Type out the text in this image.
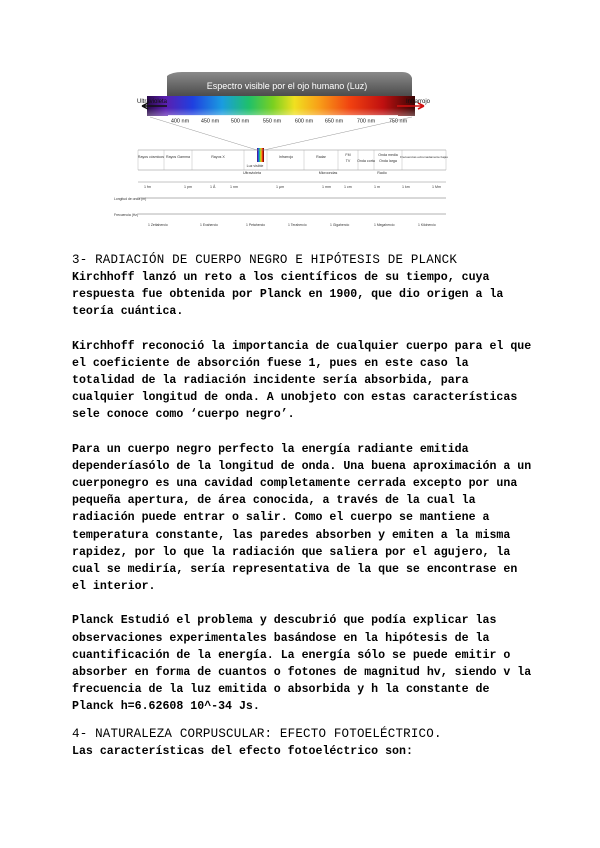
Espectro visible por el ojo humano (Luz)
Ultravioleta	Infrarrojo
400 nm 450 nm 500 nm 550 nm 600 nm 650 nm 700 nm 750 nm
Rayos cósmicos Rayos Gamma	Rayos X
Luz visible
Infrarrojo	Radar	FM
TV Onda corta
Onda media
Onda larga
Frecuencias extremadamente bajas
Ultravioleta	Microondas	Radio
1 fm	1 pm	1 Å	1 nm	1 μm	1 mm	1 cm	1 m	1 km	1 Mm
Longitud de onda (m)
Frecuencia (Hz)
1 Zettahercio	1 Exahercio	1 Petahercio	1 Terahercio	1 Gigahercio	1 Megahercio	1 Kilohercio
3- RADIACIÓN DE CUERPO NEGRO E HIPÓTESIS DE PLANCK

Kirchhoff lanzó un reto a los científicos de su tiempo, cuya respuesta fue obtenida por Planck en 1900, que dio origen a la teoría cuántica.

Kirchhoff reconoció la importancia de cualquier cuerpo para el que el coeficiente de absorción fuese 1, pues en este caso la totalidad de la radiación incidente sería absorbida, para cualquier longitud de onda. A unobjeto con estas características sele conoce como ‘cuerpo negro’.

Para un cuerpo negro perfecto la energía radiante emitida dependeríasólo de la longitud de onda. Una buena aproximación a un cuerponegro es una cavidad completamente cerrada excepto por una pequeña apertura, de área conocida, a través de la cual la radiación puede entrar o salir. Como el cuerpo se mantiene a temperatura constante, las paredes absorben y emiten a la misma rapidez, por lo que la radiación que saliera por el agujero, la cual se mediría, sería representativa de la que se encontrase en el interior.

Planck Estudió el problema y descubrió que podía explicar las observaciones experimentales basándose en la hipótesis de la cuantificación de la energía. La energía sólo se puede emitir o absorber en forma de cuantos o fotones de magnitud hv, siendo v la frecuencia de la luz emitida o absorbida y h la constante de Planck h=6.62608 10^-34 Js.

4- NATURALEZA CORPUSCULAR: EFECTO FOTOELÉCTRICO.

Las características del efecto fotoeléctrico son:
